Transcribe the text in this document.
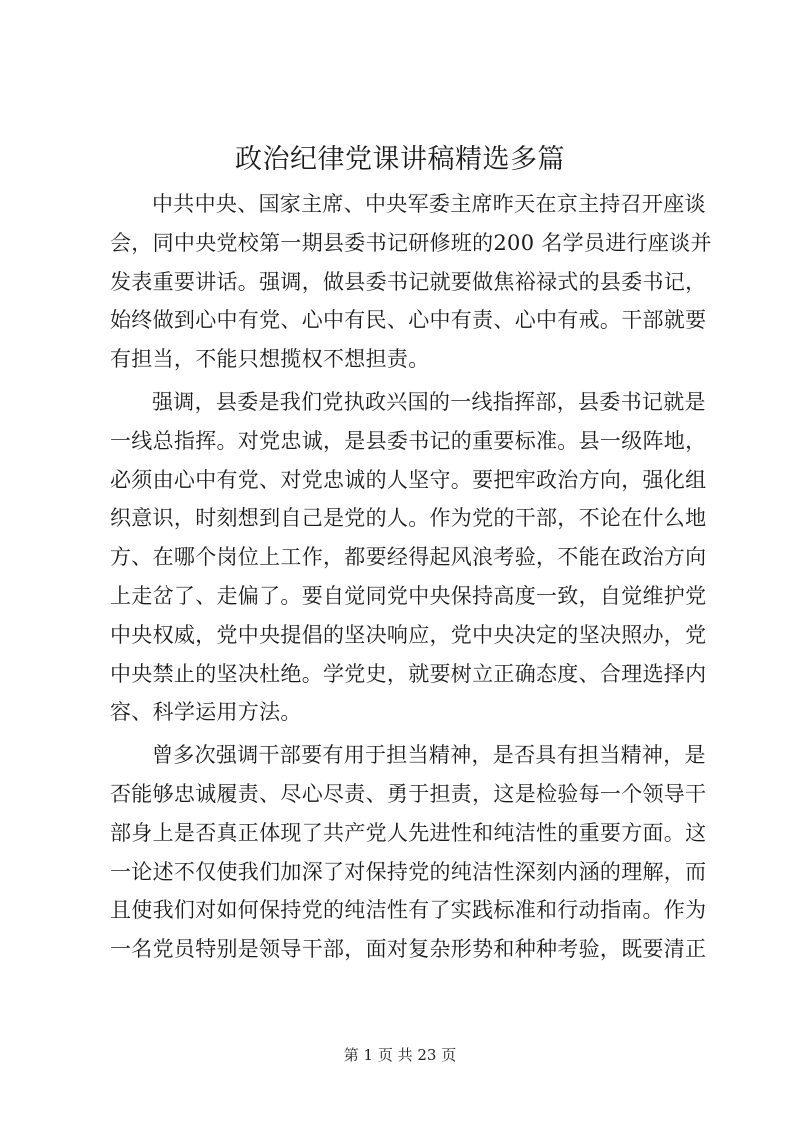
政治纪律党课讲稿精选多篇
中共中央、国家主席、中央军委主席昨天在京主持召开座谈
会，同中央党校第一期县委书记研修班的200 名学员进行座谈并
发表重要讲话。强调，做县委书记就要做焦裕禄式的县委书记，
始终做到心中有党、心中有民、心中有责、心中有戒。干部就要
有担当，不能只想揽权不想担责。
强调，县委是我们党执政兴国的一线指挥部，县委书记就是
一线总指挥。对党忠诚，是县委书记的重要标准。县一级阵地，
必须由心中有党、对党忠诚的人坚守。要把牢政治方向，强化组
织意识，时刻想到自己是党的人。作为党的干部，不论在什么地
方、在哪个岗位上工作，都要经得起风浪考验，不能在政治方向
上走岔了、走偏了。要自觉同党中央保持高度一致，自觉维护党
中央权威，党中央提倡的坚决响应，党中央决定的坚决照办，党
中央禁止的坚决杜绝。学党史，就要树立正确态度、合理选择内
容、科学运用方法。
曾多次强调干部要有用于担当精神，是否具有担当精神，是
否能够忠诚履责、尽心尽责、勇于担责，这是检验每一个领导干
部身上是否真正体现了共产党人先进性和纯洁性的重要方面。这
一论述不仅使我们加深了对保持党的纯洁性深刻内涵的理解，而
且使我们对如何保持党的纯洁性有了实践标准和行动指南。作为
一名党员特别是领导干部，面对复杂形势和种种考验，既要清正
第 1 页 共 23 页
